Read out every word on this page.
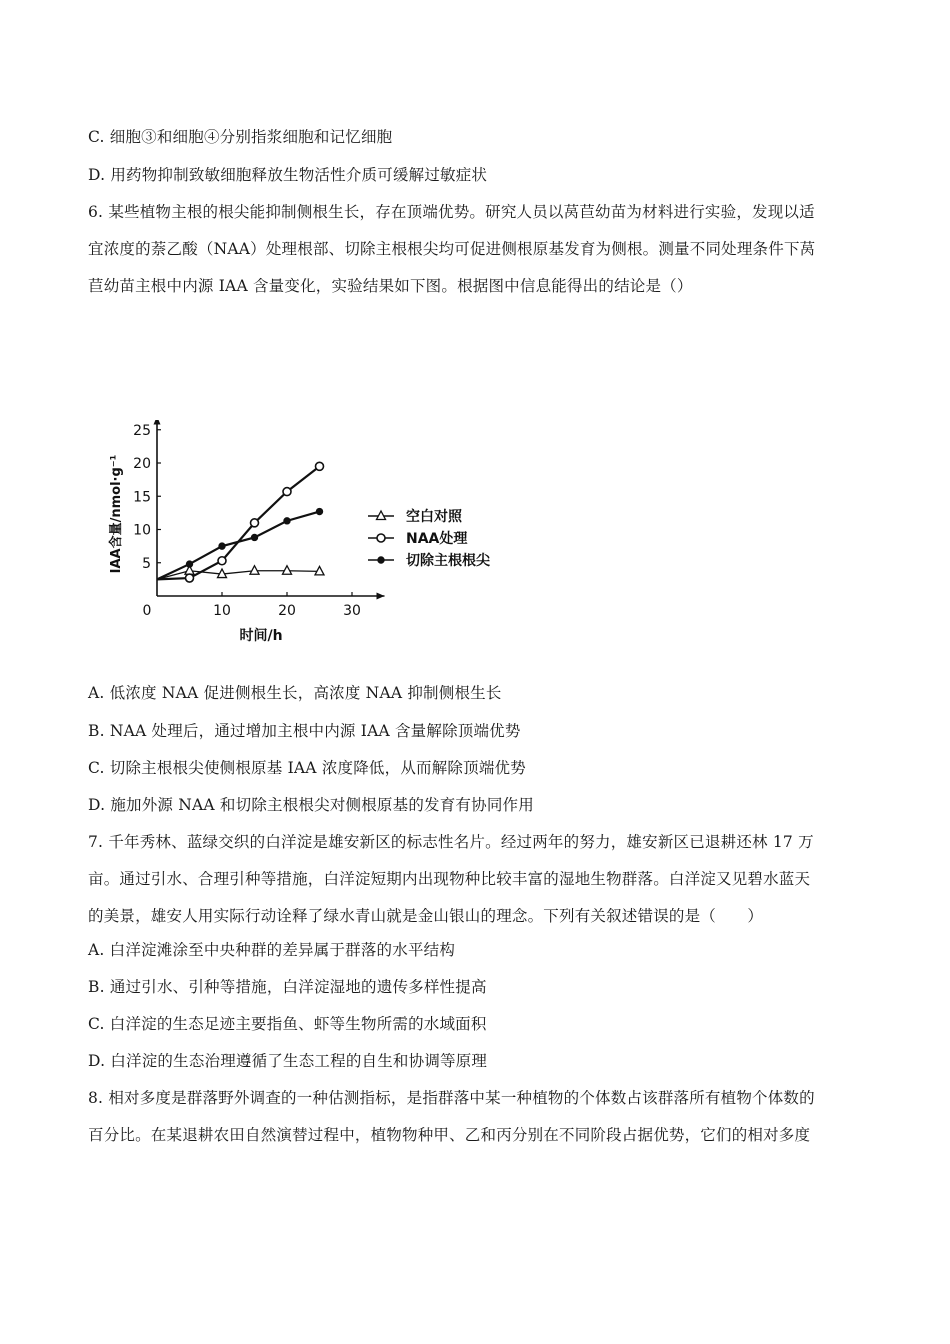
C. 细胞③和细胞④分别指浆细胞和记忆细胞
D. 用药物抑制致敏细胞释放生物活性介质可缓解过敏症状
6. 某些植物主根的根尖能抑制侧根生长，存在顶端优势。研究人员以莴苣幼苗为材料进行实验，发现以适
宜浓度的萘乙酸（NAA）处理根部、切除主根根尖均可促进侧根原基发育为侧根。测量不同处理条件下莴
苣幼苗主根中内源 IAA 含量变化，实验结果如下图。根据图中信息能得出的结论是（）
10	20	30
5
10
15
20
25
0
时间/h
IAA含量/nmol·g⁻¹	空白对照
NAA处理
切除主根根尖
A. 低浓度 NAA 促进侧根生长，高浓度 NAA 抑制侧根生长
B. NAA 处理后，通过增加主根中内源 IAA 含量解除顶端优势
C. 切除主根根尖使侧根原基 IAA 浓度降低，从而解除顶端优势
D. 施加外源 NAA 和切除主根根尖对侧根原基的发育有协同作用
7. 千年秀林、蓝绿交织的白洋淀是雄安新区的标志性名片。经过两年的努力，雄安新区已退耕还林 17 万
亩。通过引水、合理引种等措施，白洋淀短期内出现物种比较丰富的湿地生物群落。白洋淀又见碧水蓝天
的美景，雄安人用实际行动诠释了绿水青山就是金山银山的理念。下列有关叙述错误的是（　　）
A. 白洋淀滩涂至中央种群的差异属于群落的水平结构
B. 通过引水、引种等措施，白洋淀湿地的遗传多样性提高
C. 白洋淀的生态足迹主要指鱼、虾等生物所需的水域面积
D. 白洋淀的生态治理遵循了生态工程的自生和协调等原理
8. 相对多度是群落野外调查的一种估测指标，是指群落中某一种植物的个体数占该群落所有植物个体数的
百分比。在某退耕农田自然演替过程中，植物物种甲、乙和丙分别在不同阶段占据优势，它们的相对多度
